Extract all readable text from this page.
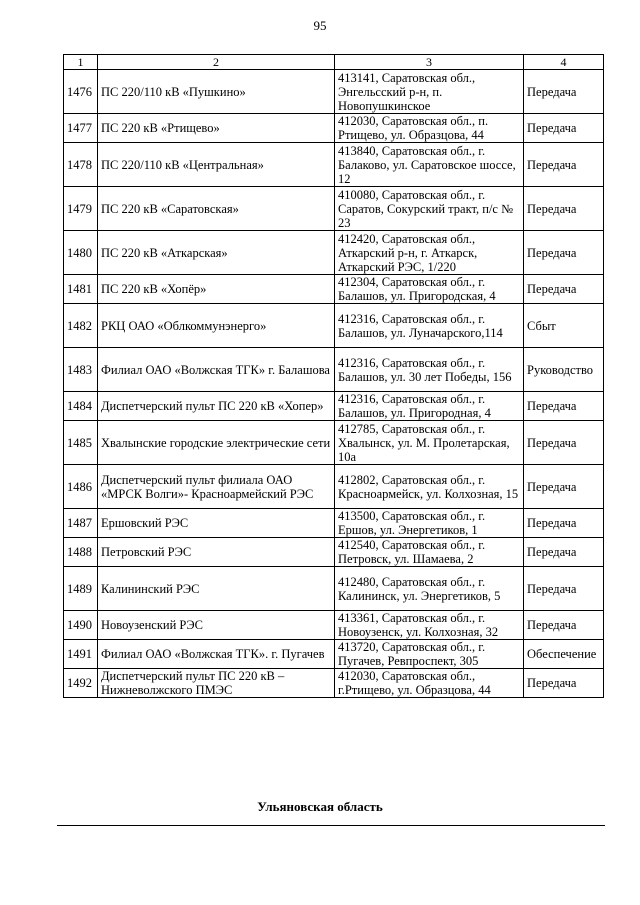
95
1	2	3	4
1476	ПС 220/110 кВ «Пушкино»	413141, Саратовская обл., Энгельсский р-н, п. Новопушкинское	Передача
1477	ПС 220 кВ «Ртищево»	412030, Саратовская обл., п. Ртищево, ул. Образцова, 44	Передача
1478	ПС 220/110 кВ «Центральная»	413840, Саратовская обл., г. Балаково, ул. Саратовское шоссе, 12	Передача
1479	ПС 220 кВ «Саратовская»	410080, Саратовская обл., г. Саратов, Сокурский тракт, п/с № 23	Передача
1480	ПС 220 кВ «Аткарская»	412420, Саратовская обл., Аткарский р-н, г. Аткарск, Аткарский РЭС, 1/220	Передача
1481	ПС 220 кВ «Хопёр»	412304, Саратовская обл., г. Балашов, ул. Пригородская, 4	Передача
1482	РКЦ ОАО «Облкоммунэнерго»	412316, Саратовская обл., г. Балашов, ул. Луначарского,114	Сбыт
1483	Филиал ОАО «Волжская ТГК» г. Балашова	412316, Саратовская обл., г. Балашов, ул. 30 лет Победы, 156	Руководство
1484	Диспетчерский пульт ПС 220 кВ «Хопер»	412316, Саратовская обл., г. Балашов, ул. Пригородная, 4	Передача
1485	Хвалынские городские электрические сети	412785, Саратовская обл., г. Хвалынск, ул. М. Пролетарская, 10а	Передача
1486	Диспетчерский пульт филиала ОАО «МРСК Волги»- Красноармейский РЭС	412802, Саратовская обл., г. Красноармейск, ул. Колхозная, 15	Передача
1487	Ершовский РЭС	413500, Саратовская обл., г. Ершов, ул. Энергетиков, 1	Передача
1488	Петровский РЭС	412540, Саратовская обл., г. Петровск, ул. Шамаева, 2	Передача
1489	Калининский РЭС	412480, Саратовская обл., г. Калининск, ул. Энергетиков, 5	Передача
1490	Новоузенский РЭС	413361, Саратовская обл., г. Новоузенск, ул. Колхозная, 32	Передача
1491	Филиал ОАО «Волжская ТГК». г. Пугачев	413720, Саратовская обл., г. Пугачев, Ревпроспект, 305	Обеспечение
1492	Диспетчерский пульт ПС 220 кВ – Нижневолжского ПМЭС	412030, Саратовская обл., г.Ртищево, ул. Образцова, 44	Передача
Ульяновская область
